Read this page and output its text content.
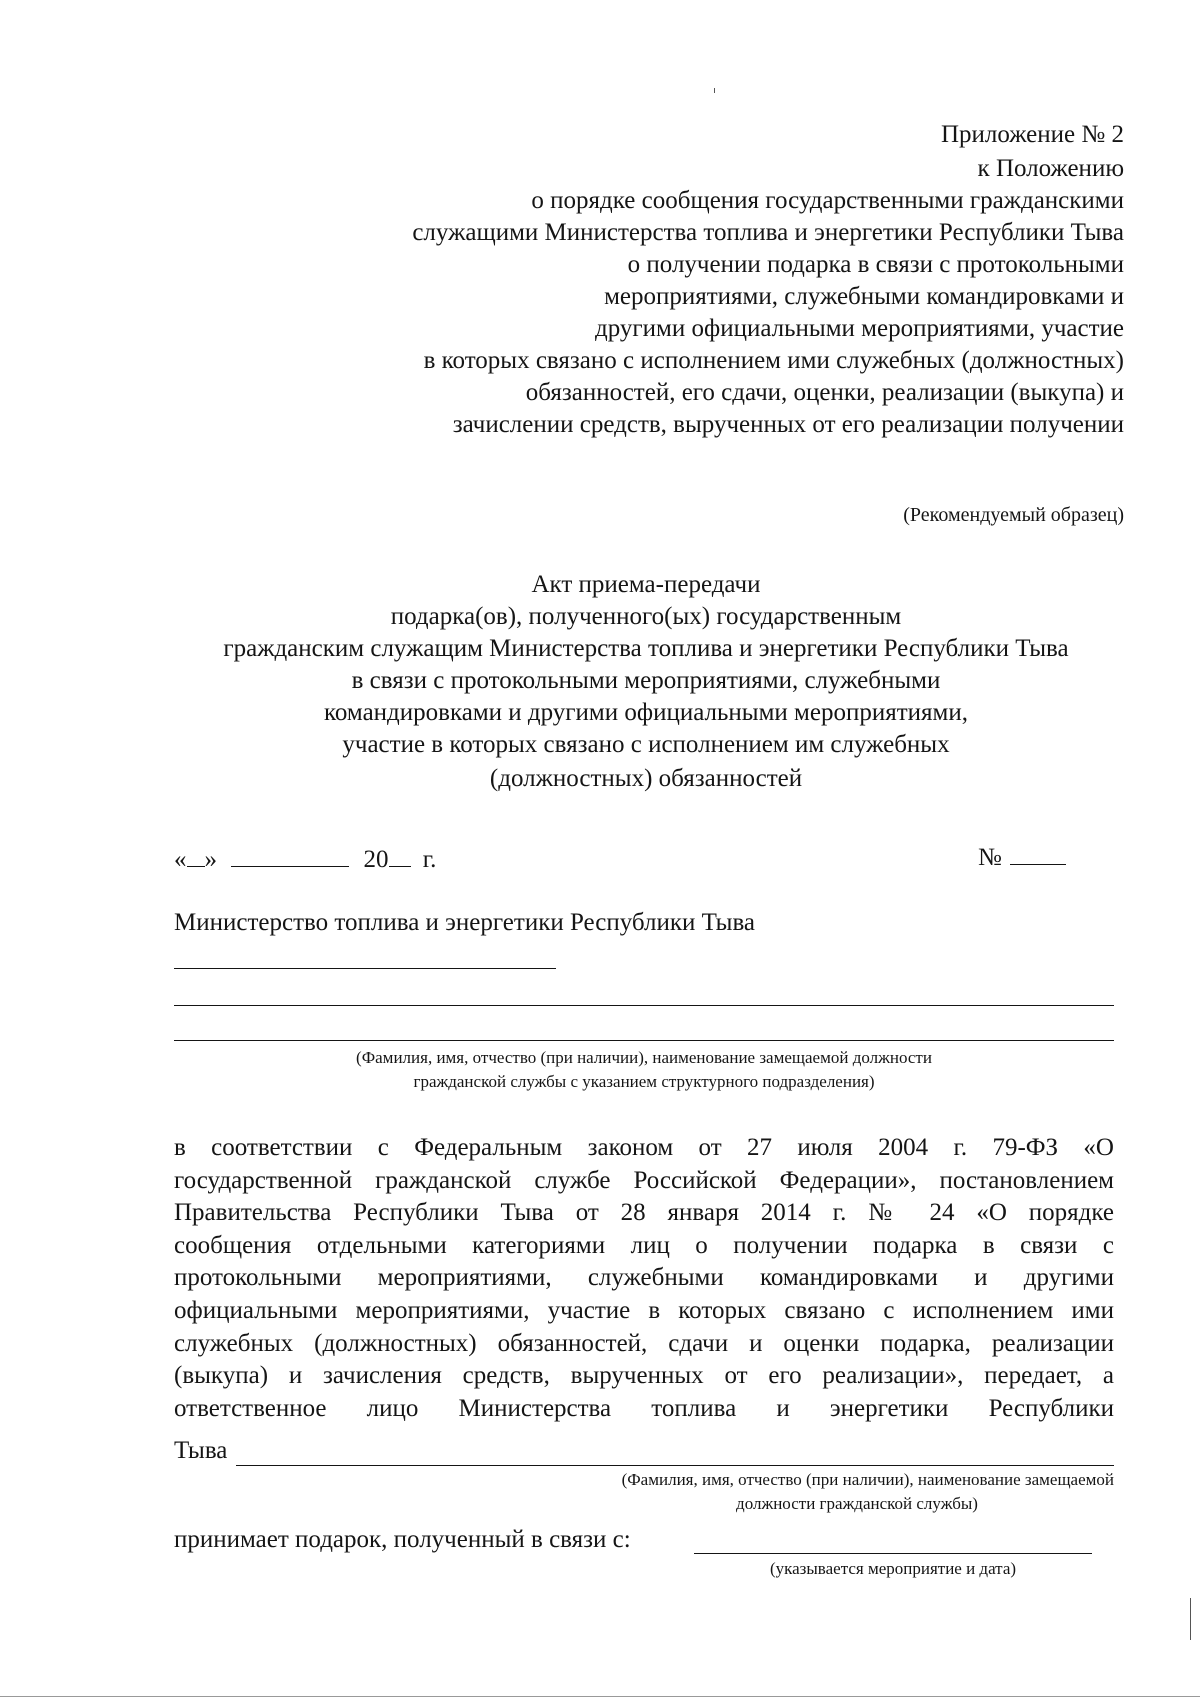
Приложение № 2
к Положению
о порядке сообщения государственными гражданскими
служащими Министерства топлива и энергетики Республики Тыва
о получении подарка в связи с протокольными
мероприятиями, служебными командировками и
другими официальными мероприятиями, участие
в которых связано с исполнением ими служебных (должностных)
обязанностей, его сдачи, оценки, реализации (выкупа) и
зачислении средств, вырученных от его реализации получении
(Рекомендуемый образец)
Акт приема-передачи
подарка(ов), полученного(ых) государственным
гражданским служащим Министерства топлива и энергетики Республики Тыва
в связи с протокольными мероприятиями, служебными
командировками и другими официальными мероприятиями,
участие в которых связано с исполнением им служебных
(должностных) обязанностей
« »	20 г.	№
Министерство топлива и энергетики Республики Тыва
(Фамилия, имя, отчество (при наличии), наименование замещаемой должности
гражданской службы с указанием структурного подразделения)
в соответствии с Федеральным законом от 27 июля 2004 г. 79-ФЗ «О
государственной гражданской службе Российской Федерации», постановлением
Правительства Республики Тыва от 28 января 2014 г. № 24 «О порядке
сообщения отдельными категориями лиц о получении подарка в связи с
протокольными мероприятиями, служебными командировками и другими
официальными мероприятиями, участие в которых связано с исполнением ими
служебных (должностных) обязанностей, сдачи и оценки подарка, реализации
(выкупа) и зачисления средств, вырученных от его реализации», передает, а
ответственное лицо Министерства топлива и энергетики Республики
Тыва
(Фамилия, имя, отчество (при наличии), наименование замещаемой
должности гражданской службы)
принимает подарок, полученный в связи с:
(указывается мероприятие и дата)
